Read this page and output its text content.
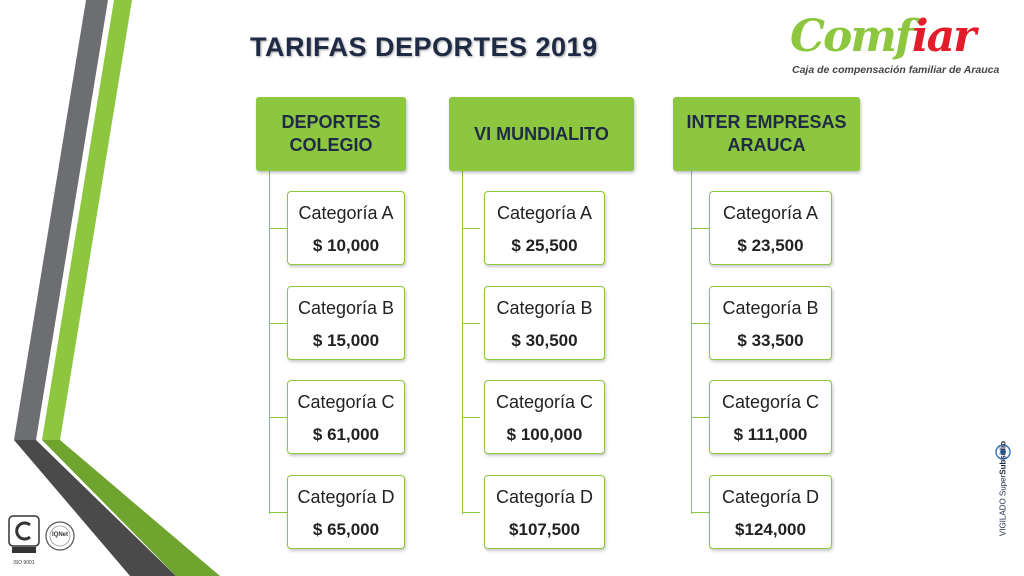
TARIFAS DEPORTES 2019	Comfiar
Caja de compensación familiar de Arauca
DEPORTES COLEGIO
Categoría A
$ 10,000
Categoría B
$ 15,000
Categoría C
$ 61,000
Categoría D
$ 65,000
VI MUNDIALITO
Categoría A
$ 25,500
Categoría B
$ 30,500
Categoría C
$ 100,000
Categoría D
$107,500
INTER EMPRESAS ARAUCA
Categoría A
$ 23,500
Categoría B
$ 33,500
Categoría C
$ 111,000
Categoría D
$124,000	VIGILADO SuperSubsidio
ISO 9001
IQNet
